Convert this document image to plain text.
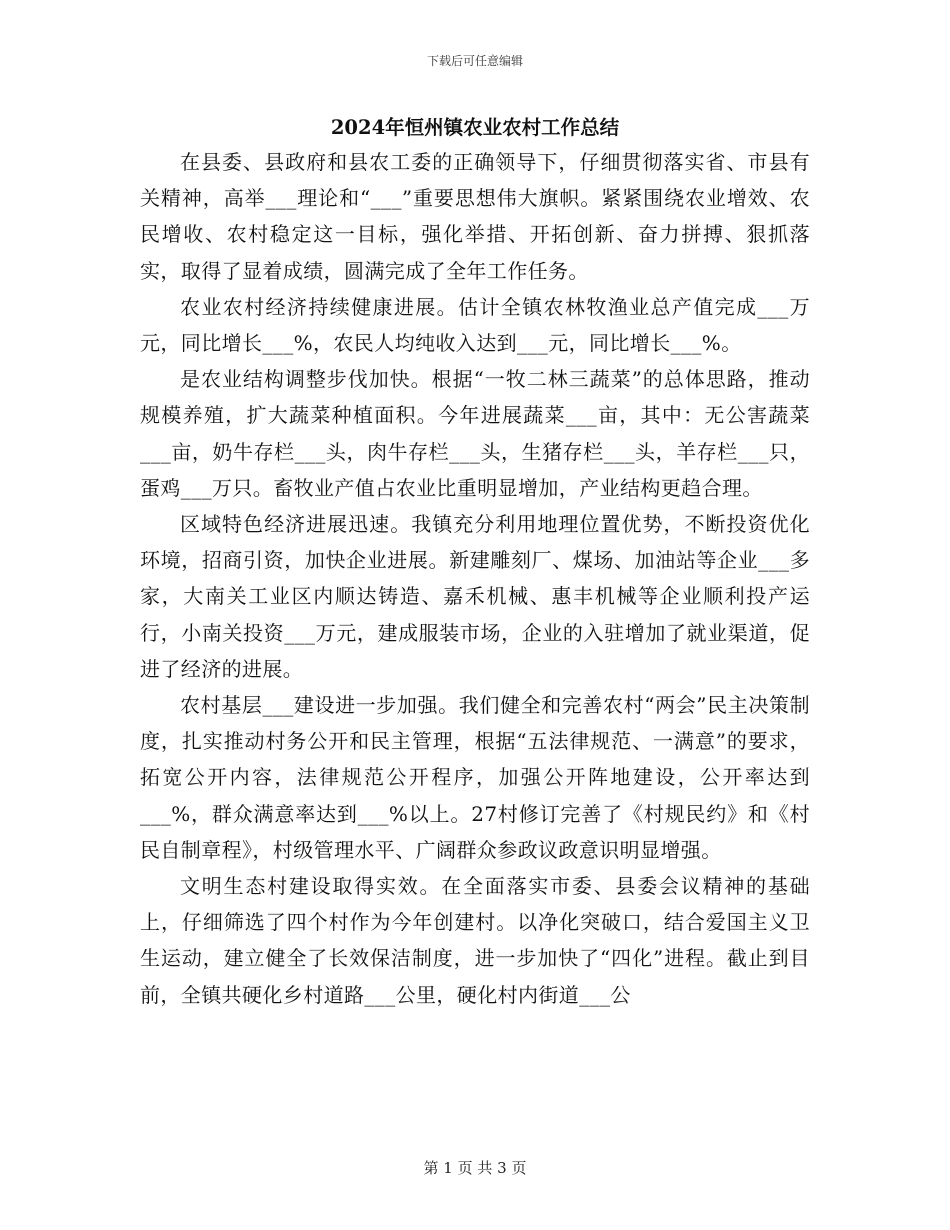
下载后可任意编辑
2024年恒州镇农业农村工作总结

在县委、县政府和县农工委的正确领导下，仔细贯彻落实省、市县有关精神，高举___理论和“___”重要思想伟大旗帜。紧紧围绕农业增效、农民增收、农村稳定这一目标，强化举措、开拓创新、奋力拼搏、狠抓落实，取得了显着成绩，圆满完成了全年工作任务。

农业农村经济持续健康进展。估计全镇农林牧渔业总产值完成___万元，同比增长___%，农民人均纯收入达到___元，同比增长___%。

是农业结构调整步伐加快。根据“一牧二林三蔬菜”的总体思路，推动规模养殖，扩大蔬菜种植面积。今年进展蔬菜___亩，其中：无公害蔬菜___亩，奶牛存栏___头，肉牛存栏___头，生猪存栏___头，羊存栏___只，蛋鸡___万只。畜牧业产值占农业比重明显增加，产业结构更趋合理。

区域特色经济进展迅速。我镇充分利用地理位置优势，不断投资优化环境，招商引资，加快企业进展。新建雕刻厂、煤场、加油站等企业___多家，大南关工业区内顺达铸造、嘉禾机械、惠丰机械等企业顺利投产运行，小南关投资___万元，建成服装市场，企业的入驻增加了就业渠道，促进了经济的进展。

农村基层___建设进一步加强。我们健全和完善农村“两会”民主决策制度，扎实推动村务公开和民主管理，根据“五法律规范、一满意”的要求，拓宽公开内容，法律规范公开程序，加强公开阵地建设，公开率达到___%，群众满意率达到___%以上。27村修订完善了《村规民约》和《村民自制章程》，村级管理水平、广阔群众参政议政意识明显增强。

文明生态村建设取得实效。在全面落实市委、县委会议精神的基础上，仔细筛选了四个村作为今年创建村。以净化突破口，结合爱国主义卫生运动，建立健全了长效保洁制度，进一步加快了“四化”进程。截止到目前，全镇共硬化乡村道路___公里，硬化村内街道___公

第 1 页 共 3 页
